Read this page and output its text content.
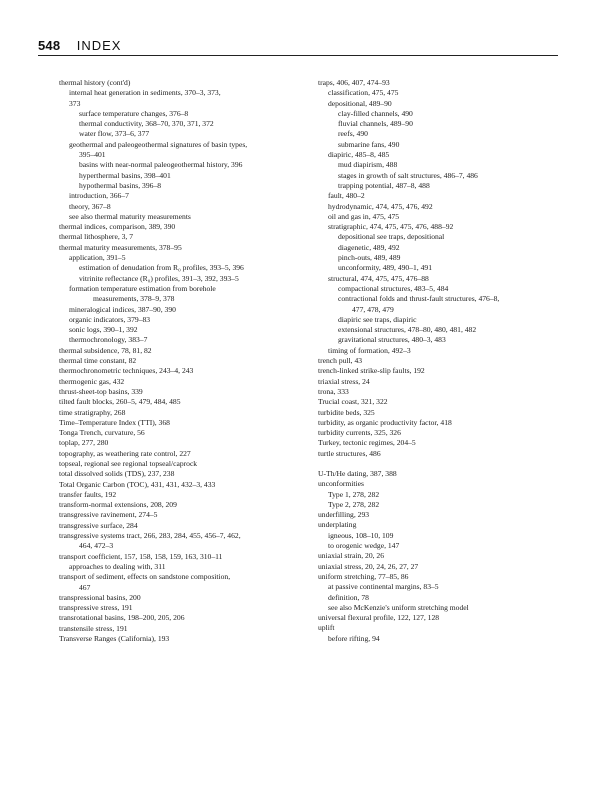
548 INDEX

thermal history (cont'd)

internal heat generation in sediments, 370–3, 373,

373

surface temperature changes, 376–8

thermal conductivity, 368–70, 370, 371, 372

water flow, 373–6, 377

geothermal and paleogeothermal signatures of basin types,

395–401

basins with near-normal paleogeothermal history, 396

hyperthermal basins, 398–401

hypothermal basins, 396–8

introduction, 366–7

theory, 367–8

see also thermal maturity measurements

thermal indices, comparison, 389, 390

thermal lithosphere, 3, 7

thermal maturity measurements, 378–95

application, 391–5

estimation of denudation from R₀ profiles, 393–5, 396

vitrinite reflectance (R₀) profiles, 391–3, 392, 393–5

formation temperature estimation from borehole

measurements, 378–9, 378

mineralogical indices, 387–90, 390

organic indicators, 379–83

sonic logs, 390–1, 392

thermochronology, 383–7

thermal subsidence, 78, 81, 82

thermal time constant, 82

thermochronometric techniques, 243–4, 243

thermogenic gas, 432

thrust-sheet-top basins, 339

tilted fault blocks, 260–5, 479, 484, 485

time stratigraphy, 268

Time–Temperature Index (TTI), 368

Tonga Trench, curvature, 56

toplap, 277, 280

topography, as weathering rate control, 227

topseal, regional see regional topseal/caprock

total dissolved solids (TDS), 237, 238

Total Organic Carbon (TOC), 431, 431, 432–3, 433

transfer faults, 192

transform-normal extensions, 208, 209

transgressive ravinement, 274–5

transgressive surface, 284

transgressive systems tract, 266, 283, 284, 455, 456–7, 462,

464, 472–3

transport coefficient, 157, 158, 158, 159, 163, 310–11

approaches to dealing with, 311

transport of sediment, effects on sandstone composition,

467

transpressional basins, 200

transpressive stress, 191

transrotational basins, 198–200, 205, 206

transtensile stress, 191

Transverse Ranges (California), 193

traps, 406, 407, 474–93

classification, 475, 475

depositional, 489–90

clay-filled channels, 490

fluvial channels, 489–90

reefs, 490

submarine fans, 490

diapiric, 485–8, 485

mud diapirism, 488

stages in growth of salt structures, 486–7, 486

trapping potential, 487–8, 488

fault, 480–2

hydrodynamic, 474, 475, 476, 492

oil and gas in, 475, 475

stratigraphic, 474, 475, 475, 476, 488–92

depositional see traps, depositional

diagenetic, 489, 492

pinch-outs, 489, 489

unconformity, 489, 490–1, 491

structural, 474, 475, 475, 476–88

compactional structures, 483–5, 484

contractional folds and thrust-fault structures, 476–8,

477, 478, 479

diapiric see traps, diapiric

extensional structures, 478–80, 480, 481, 482

gravitational structures, 480–3, 483

timing of formation, 492–3

trench pull, 43

trench-linked strike-slip faults, 192

triaxial stress, 24

trona, 333

Trucial coast, 321, 322

turbidite beds, 325

turbidity, as organic productivity factor, 418

turbidity currents, 325, 326

Turkey, tectonic regimes, 204–5

turtle structures, 486

U-Th/He dating, 387, 388

unconformities

Type 1, 278, 282

Type 2, 278, 282

underfilling, 293

underplating

igneous, 108–10, 109

to orogenic wedge, 147

uniaxial strain, 20, 26

uniaxial stress, 20, 24, 26, 27, 27

uniform stretching, 77–85, 86

at passive continental margins, 83–5

definition, 78

see also McKenzie's uniform stretching model

universal flexural profile, 122, 127, 128

uplift

before rifting, 94
